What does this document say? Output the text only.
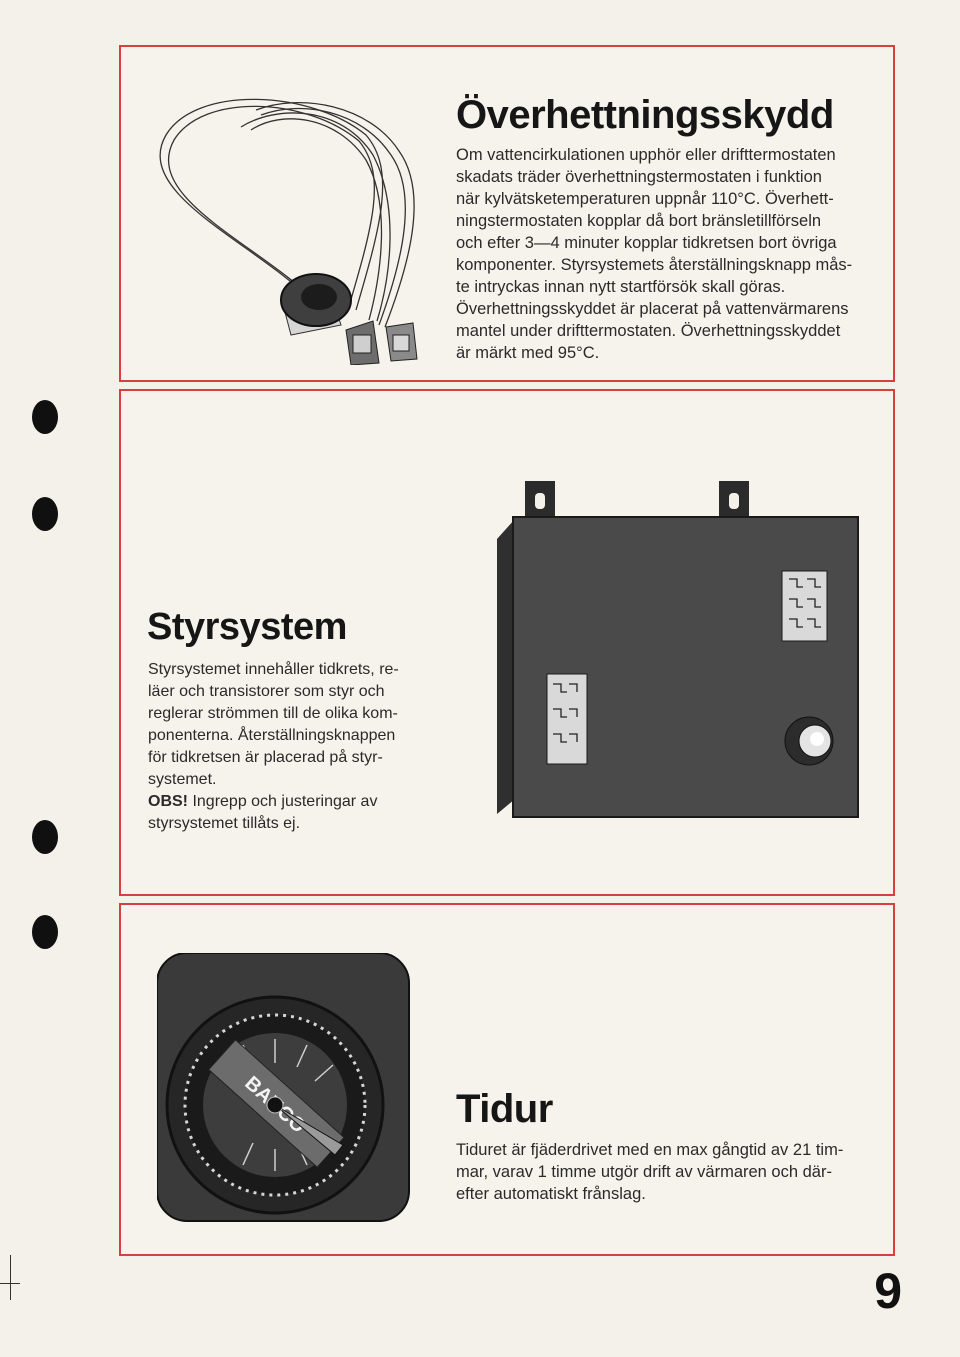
Överhettningsskydd

Om vattencirkulationen upphör eller drifttermostaten

skadats träder överhettningstermostaten i funktion

när kylvätsketemperaturen uppnår 110°C. Överhett-

ningstermostaten kopplar då bort bränsletillförseln

och efter 3—4 minuter kopplar tidkretsen bort övriga

komponenter. Styrsystemets återställningsknapp mås-

te intryckas innan nytt startförsök skall göras.

Överhettningsskyddet är placerat på vattenvärmarens

mantel under drifttermostaten. Överhettningsskyddet

är märkt med 95°C.

Styrsystem

Styrsystemet innehåller tidkrets, re-

läer och transistorer som styr och

reglerar strömmen till de olika kom-

ponenterna. Återställningsknappen

för tidkretsen är placerad på styr-

systemet.

OBS! Ingrepp och justeringar av

styrsystemet tillåts ej.

Tidur

Tiduret är fjäderdrivet med en max gångtid av 21 tim-

mar, varav 1 timme utgör drift av värmaren och där-

efter automatiskt frånslag.

9
